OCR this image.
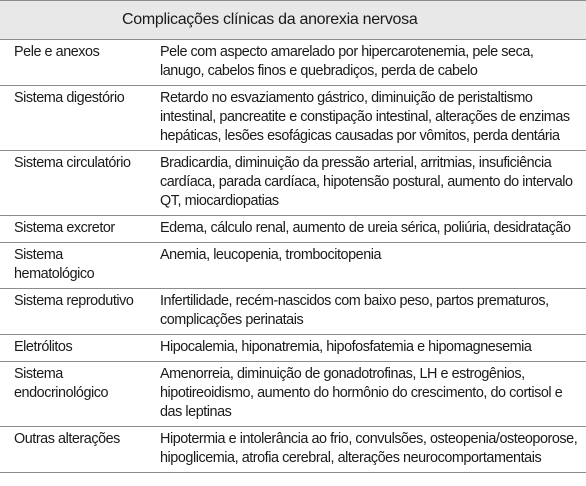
Complicações clínicas da anorexia nervosa
Pele e anexos	Pele com aspecto amarelado por hipercarotenemia, pele seca, lanugo, cabelos finos e quebradiços, perda de cabelo
Sistema digestório	Retardo no esvaziamento gástrico, diminuição de peristaltismo intestinal, pancreatite e constipação intestinal, alterações de enzimas hepáticas, lesões esofágicas causadas por vômitos, perda dentária
Sistema circulatório	Bradicardia, diminuição da pressão arterial, arritmias, insuficiência cardíaca, parada cardíaca, hipotensão postural, aumento do intervalo QT, miocardiopatias
Sistema excretor	Edema, cálculo renal, aumento de ureia sérica, poliúria, desidratação
Sistema hematológico	Anemia, leucopenia, trombocitopenia
Sistema reprodutivo	Infertilidade, recém-nascidos com baixo peso, partos prematuros, complicações perinatais
Eletrólitos	Hipocalemia, hiponatremia, hipofosfatemia e hipomagnesemia
Sistema endocrinológico	Amenorreia, diminuição de gonadotrofinas, LH e estrogênios, hipotireoidismo, aumento do hormônio do crescimento, do cortisol e das leptinas
Outras alterações	Hipotermia e intolerância ao frio, convulsões, osteopenia/osteoporose, hipoglicemia, atrofia cerebral, alterações neurocomportamentais
